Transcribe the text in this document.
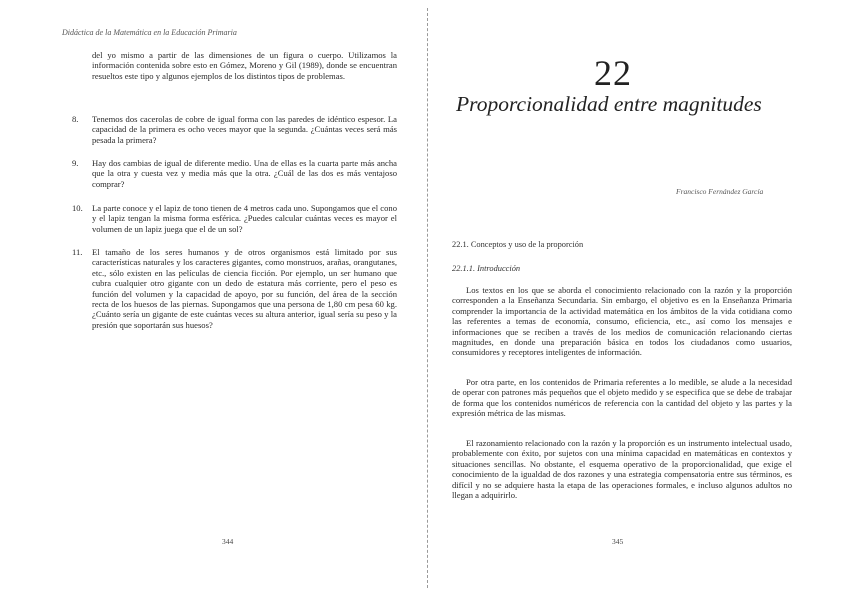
Didáctica de la Matemática en la Educación Primaria

del yo mismo a partir de las dimensiones de un figura o cuerpo. Utilizamos la información contenida sobre esto en Gómez, Moreno y Gil (1989), donde se encuentran resueltos este tipo y algunos ejemplos de los distintos tipos de problemas.

8.	Tenemos dos cacerolas de cobre de igual forma con las paredes de idéntico espesor. La capacidad de la primera es ocho veces mayor que la segunda. ¿Cuántas veces será más pesada la primera?

9.	Hay dos cambias de igual de diferente medio. Una de ellas es la cuarta parte más ancha que la otra y cuesta vez y media más que la otra. ¿Cuál de las dos es más ventajoso comprar?

10.	La parte conoce y el lapiz de tono tienen de 4 metros cada uno. Supongamos que el cono y el lapiz tengan la misma forma esférica. ¿Puedes calcular cuántas veces es mayor el volumen de un lapiz juega que el de un sol?

11.	El tamaño de los seres humanos y de otros organismos está limitado por sus características naturales y los caracteres gigantes, como monstruos, arañas, orangutanes, etc., sólo existen en las películas de ciencia ficción. Por ejemplo, un ser humano que cubra cualquier otro gigante con un dedo de estatura más corriente, pero el peso es función del volumen y la capacidad de apoyo, por su función, del área de la sección recta de los huesos de las piernas. Supongamos que una persona de 1,80 cm pesa 60 kg. ¿Cuánto sería un gigante de este cuántas veces su altura anterior, igual sería su peso y la presión que soportarán sus huesos?

344
22
Proporcionalidad entre magnitudes
Francisco Fernández García
22.1. Conceptos y uso de la proporción
22.1.1. Introducción

Los textos en los que se aborda el conocimiento relacionado con la razón y la proporción corresponden a la Enseñanza Secundaria. Sin embargo, el objetivo es en la Enseñanza Primaria comprender la importancia de la actividad matemática en los ámbitos de la vida cotidiana como las referentes a temas de economía, consumo, eficiencia, etc., así como los mensajes e informaciones que se reciben a través de los medios de comunicación relacionando ciertas magnitudes, en donde una preparación básica en todos los ciudadanos como usuarios, consumidores y receptores inteligentes de información.

Por otra parte, en los contenidos de Primaria referentes a lo medible, se alude a la necesidad de operar con patrones más pequeños que el objeto medido y se especifica que se debe de trabajar de forma que los contenidos numéricos de referencia con la cantidad del objeto y las partes y la expresión métrica de las mismas.

El razonamiento relacionado con la razón y la proporción es un instrumento intelectual usado, probablemente con éxito, por sujetos con una mínima capacidad en matemáticas en contextos y situaciones sencillas. No obstante, el esquema operativo de la proporcionalidad, que exige el conocimiento de la igualdad de dos razones y una estrategia compensatoria entre sus términos, es difícil y no se adquiere hasta la etapa de las operaciones formales, e incluso algunos adultos no llegan a adquirirlo.

345
